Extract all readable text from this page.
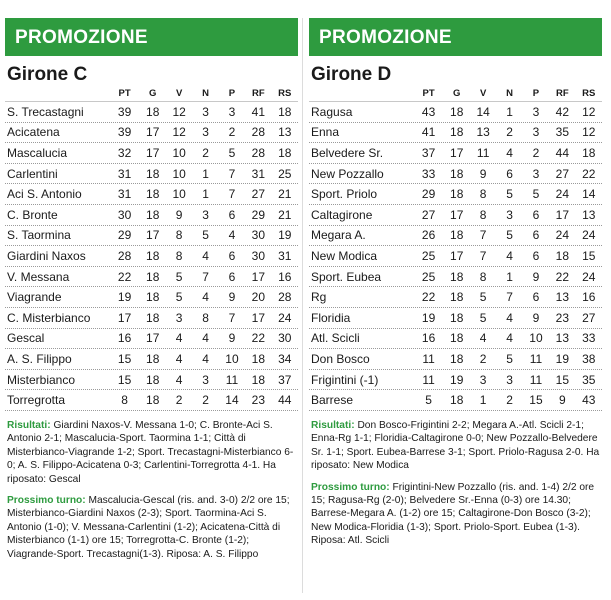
PROMOZIONE
Girone C
PT	G	V	N	P	RF	RS
S. Trecastagni	39	18	12	3	3	41	18
Acicatena	39	17	12	3	2	28	13
Mascalucia	32	17	10	2	5	28	18
Carlentini	31	18	10	1	7	31	25
Aci S. Antonio	31	18	10	1	7	27	21
C. Bronte	30	18	9	3	6	29	21
S. Taormina	29	17	8	5	4	30	19
Giardini Naxos	28	18	8	4	6	30	31
V. Messana	22	18	5	7	6	17	16
Viagrande	19	18	5	4	9	20	28
C. Misterbianco	17	18	3	8	7	17	24
Gescal	16	17	4	4	9	22	30
A. S. Filippo	15	18	4	4	10	18	34
Misterbianco	15	18	4	3	11	18	37
Torregrotta	8	18	2	2	14	23	44

Risultati: Giardini Naxos-V. Messana 1-0; C. Bronte-Aci S. Antonio 2-1; Mascalucia-Sport. Taormina 1-1; Città di Misterbianco-Viagrande 1-2; Sport. Trecastagni-Misterbianco 6-0; A. S. Filippo-Acicatena 0-3; Carlentini-Torregrotta 4-1. Ha riposato: Gescal

Prossimo turno: Mascalucia-Gescal (ris. and. 3-0) 2/2 ore 15; Misterbianco-Giardini Naxos (2-3); Sport. Taormina-Aci S. Antonio (1-0); V. Messana-Carlentini (1-2); Acicatena-Città di Misterbianco (1-1) ore 15; Torregrotta-C. Bronte (1-2); Viagrande-Sport. Trecastagni(1-3). Riposa: A. S. Filippo

PROMOZIONE
Girone D
PT	G	V	N	P	RF	RS
Ragusa	43	18	14	1	3	42	12
Enna	41	18	13	2	3	35	12
Belvedere Sr.	37	17	11	4	2	44	18
New Pozzallo	33	18	9	6	3	27	22
Sport. Priolo	29	18	8	5	5	24	14
Caltagirone	27	17	8	3	6	17	13
Megara A.	26	18	7	5	6	24	24
New Modica	25	17	7	4	6	18	15
Sport. Eubea	25	18	8	1	9	22	24
Rg	22	18	5	7	6	13	16
Floridia	19	18	5	4	9	23	27
Atl. Scicli	16	18	4	4	10	13	33
Don Bosco	11	18	2	5	11	19	38
Frigintini (-1)	11	19	3	3	11	15	35
Barrese	5	18	1	2	15	9	43

Risultati: Don Bosco-Frigintini 2-2; Megara A.-Atl. Scicli 2-1; Enna-Rg 1-1; Floridia-Caltagirone 0-0; New Pozzallo-Belvedere Sr. 1-1; Sport. Eubea-Barrese 3-1; Sport. Priolo-Ragusa 2-0. Ha riposato: New Modica

Prossimo turno: Frigintini-New Pozzallo (ris. and. 1-4) 2/2 ore 15; Ragusa-Rg (2-0); Belvedere Sr.-Enna (0-3) ore 14.30; Barrese-Megara A. (1-2) ore 15; Caltagirone-Don Bosco (3-2); New Modica-Floridia (1-3); Sport. Priolo-Sport. Eubea (1-3). Riposa: Atl. Scicli
